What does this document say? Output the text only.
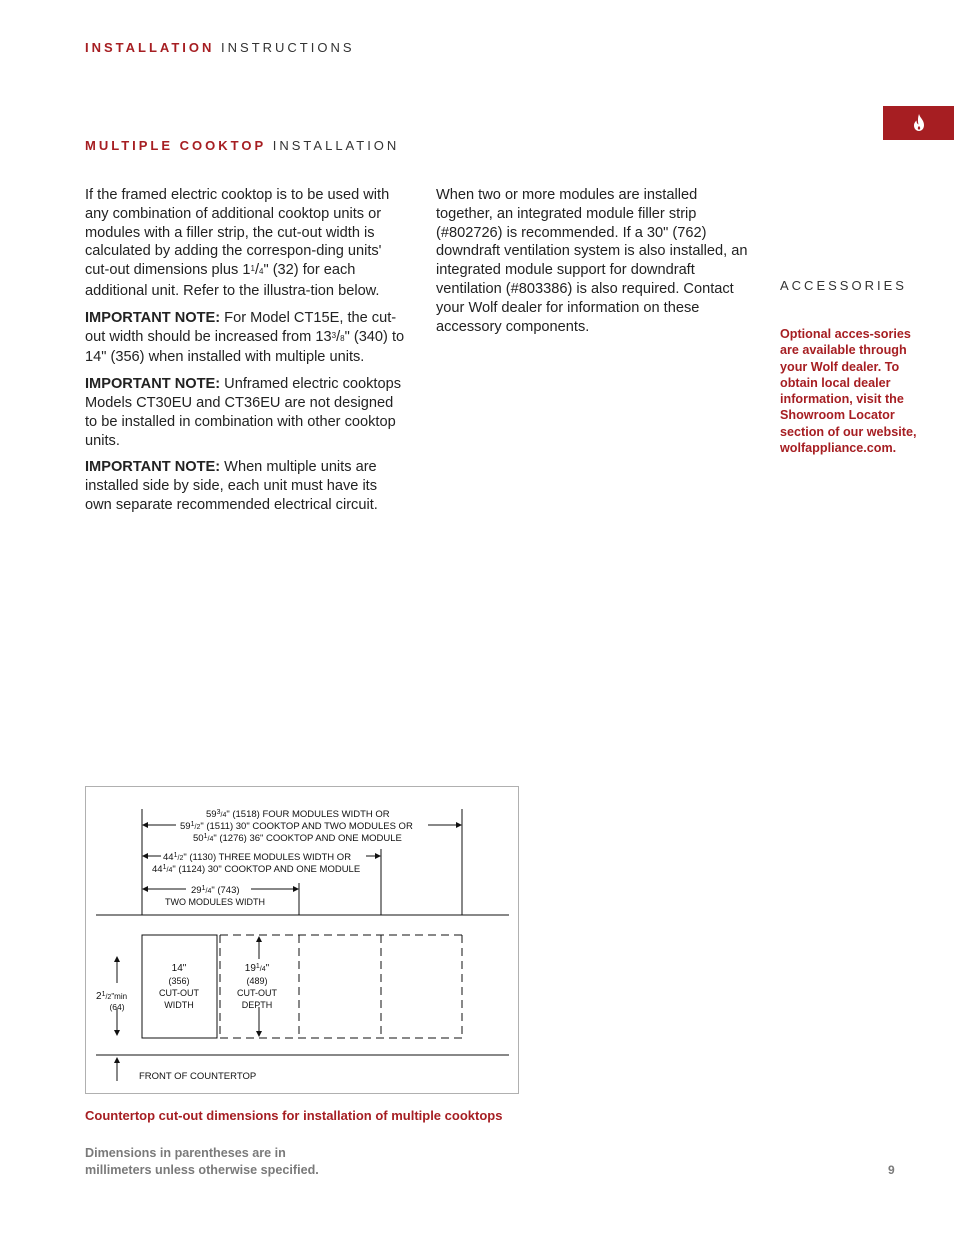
INSTALLATION INSTRUCTIONS
MULTIPLE COOKTOP INSTALLATION

If the framed electric cooktop is to be used with any combination of additional cooktop units or modules with a filler strip, the cut-out width is calculated by adding the correspon-ding units' cut-out dimensions plus $1^1/4$" (32) for each additional unit. Refer to the illustra-tion below.

IMPORTANT NOTE: For Model CT15E, the cut-out width should be increased from $13^3/8$" (340) to 14" (356) when installed with multiple units.

IMPORTANT NOTE: Unframed electric cooktops Models CT30EU and CT36EU are not designed to be installed in combination with other cooktop units.

IMPORTANT NOTE: When multiple units are installed side by side, each unit must have its own separate recommended electrical circuit.

When two or more modules are installed together, an integrated module filler strip (#802726) is recommended. If a 30" (762) downdraft ventilation system is also installed, an integrated module support for downdraft ventilation (#803386) is also required. Contact your Wolf dealer for information on these accessory components.

ACCESSORIES
Optional acces-sories are available through your Wolf dealer. To obtain local dealer information, visit the Showroom Locator section of our website, wolfappliance.com.
$59^3_/4$" (1518) FOUR MODULES WIDTH OR
$59^1_/2$" (1511) 30" COOKTOP AND TWO MODULES OR
$50^1_/4$" (1276) 36" COOKTOP AND ONE MODULE
$44^1_/2$" (1130) THREE MODULES WIDTH OR
$44^1_/4$" (1124) 30" COOKTOP AND ONE MODULE
$29^1_/4$" (743)
TWO MODULES WIDTH
14"
(356)
CUT-OUT
WIDTH
$19^1_/4$"
(489)
CUT-OUT
DEPTH
$2^1_/2"\min$
(64)
FRONT OF COUNTERTOP
Countertop cut-out dimensions for installation of multiple cooktops
Dimensions in parentheses are in
millimeters unless otherwise specified.	9
